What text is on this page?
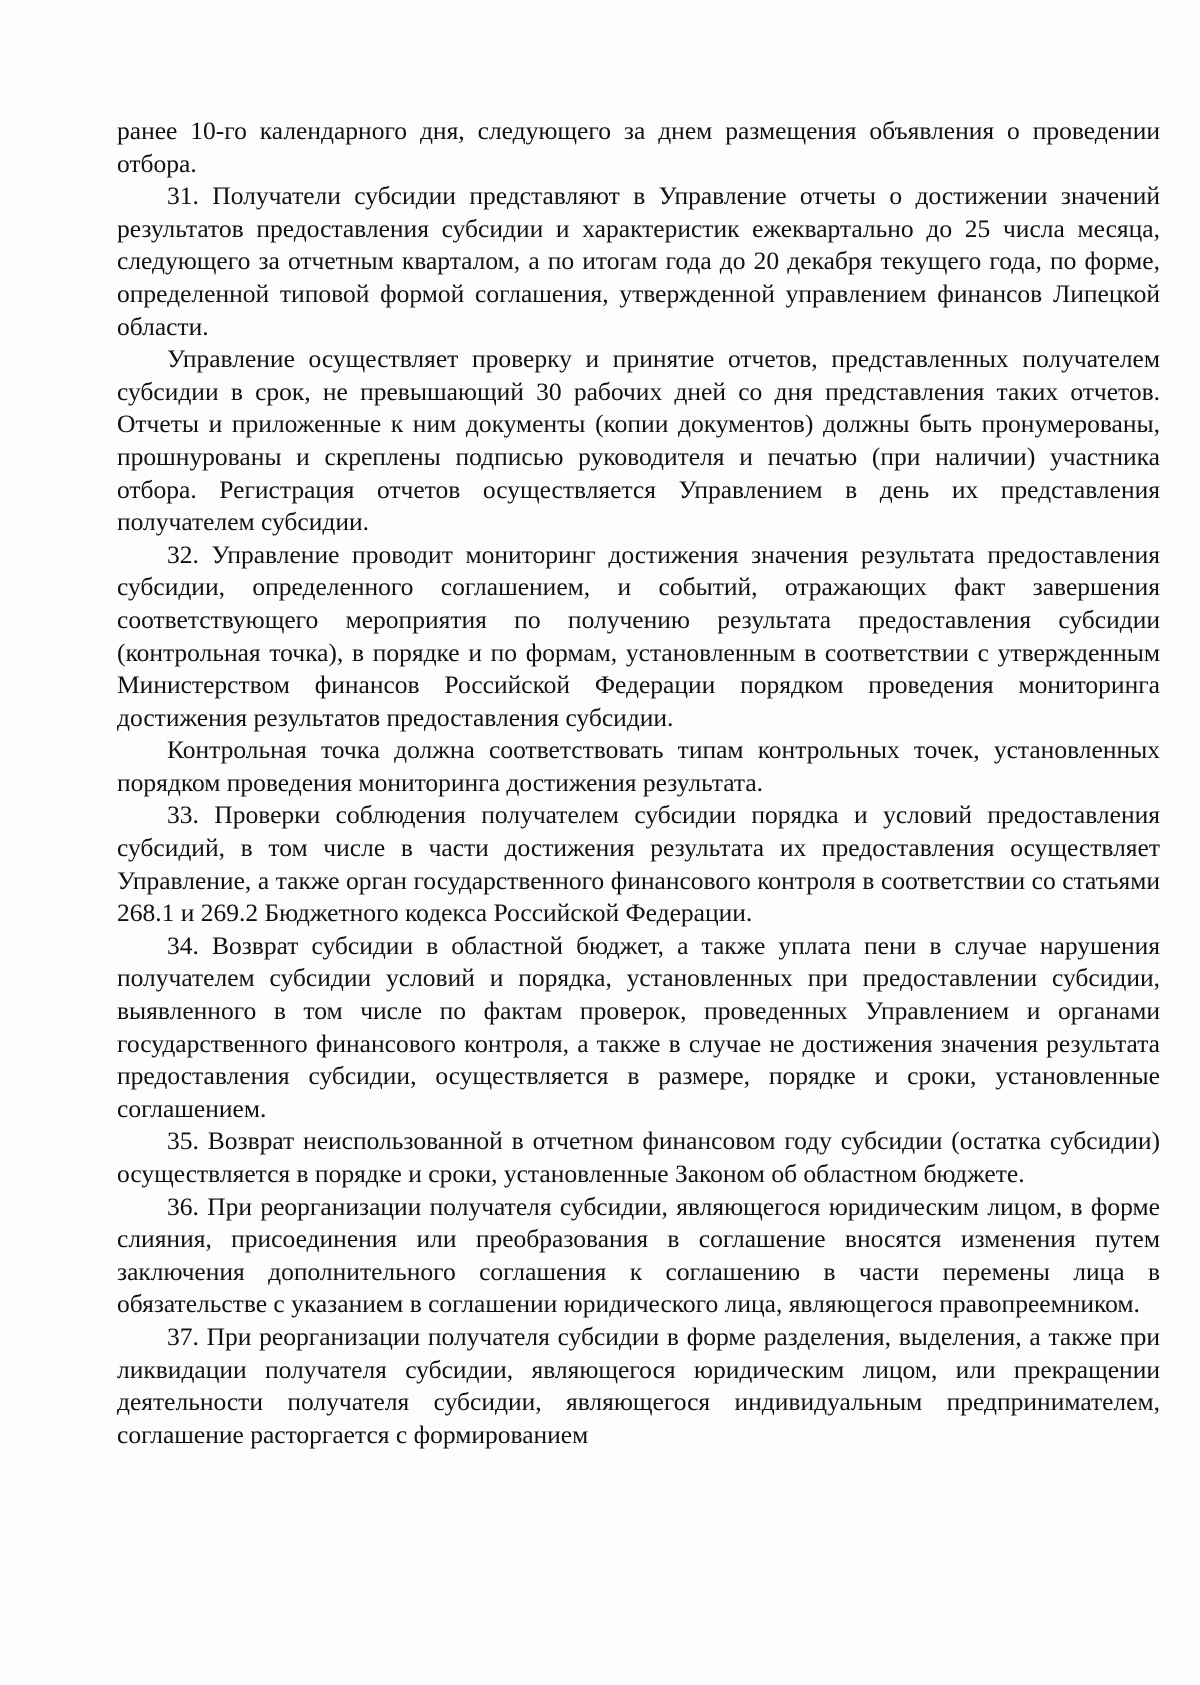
ранее 10-го календарного дня, следующего за днем размещения объявления о проведении отбора.

31. Получатели субсидии представляют в Управление отчеты о достижении значений результатов предоставления субсидии и характеристик ежеквартально до 25 числа месяца, следующего за отчетным кварталом, а по итогам года до 20 декабря текущего года, по форме, определенной типовой формой соглашения, утвержденной управлением финансов Липецкой области.

Управление осуществляет проверку и принятие отчетов, представленных получателем субсидии в срок, не превышающий 30 рабочих дней со дня представления таких отчетов. Отчеты и приложенные к ним документы (копии документов) должны быть пронумерованы, прошнурованы и скреплены подписью руководителя и печатью (при наличии) участника отбора. Регистрация отчетов осуществляется Управлением в день их представления получателем субсидии.

32. Управление проводит мониторинг достижения значения результата предоставления субсидии, определенного соглашением, и событий, отражающих факт завершения соответствующего мероприятия по получению результата предоставления субсидии (контрольная точка), в порядке и по формам, установленным в соответствии с утвержденным Министерством финансов Российской Федерации порядком проведения мониторинга достижения результатов предоставления субсидии.

Контрольная точка должна соответствовать типам контрольных точек, установленных порядком проведения мониторинга достижения результата.

33. Проверки соблюдения получателем субсидии порядка и условий предоставления субсидий, в том числе в части достижения результата их предоставления осуществляет Управление, а также орган государственного финансового контроля в соответствии со статьями 268.1 и 269.2 Бюджетного кодекса Российской Федерации.

34. Возврат субсидии в областной бюджет, а также уплата пени в случае нарушения получателем субсидии условий и порядка, установленных при предоставлении субсидии, выявленного в том числе по фактам проверок, проведенных Управлением и органами государственного финансового контроля, а также в случае не достижения значения результата предоставления субсидии, осуществляется в размере, порядке и сроки, установленные соглашением.

35. Возврат неиспользованной в отчетном финансовом году субсидии (остатка субсидии) осуществляется в порядке и сроки, установленные Законом об областном бюджете.

36. При реорганизации получателя субсидии, являющегося юридическим лицом, в форме слияния, присоединения или преобразования в соглашение вносятся изменения путем заключения дополнительного соглашения к соглашению в части перемены лица в обязательстве с указанием в соглашении юридического лица, являющегося правопреемником.

37. При реорганизации получателя субсидии в форме разделения, выделения, а также при ликвидации получателя субсидии, являющегося юридическим лицом, или прекращении деятельности получателя субсидии, являющегося индивидуальным предпринимателем, соглашение расторгается с формированием
